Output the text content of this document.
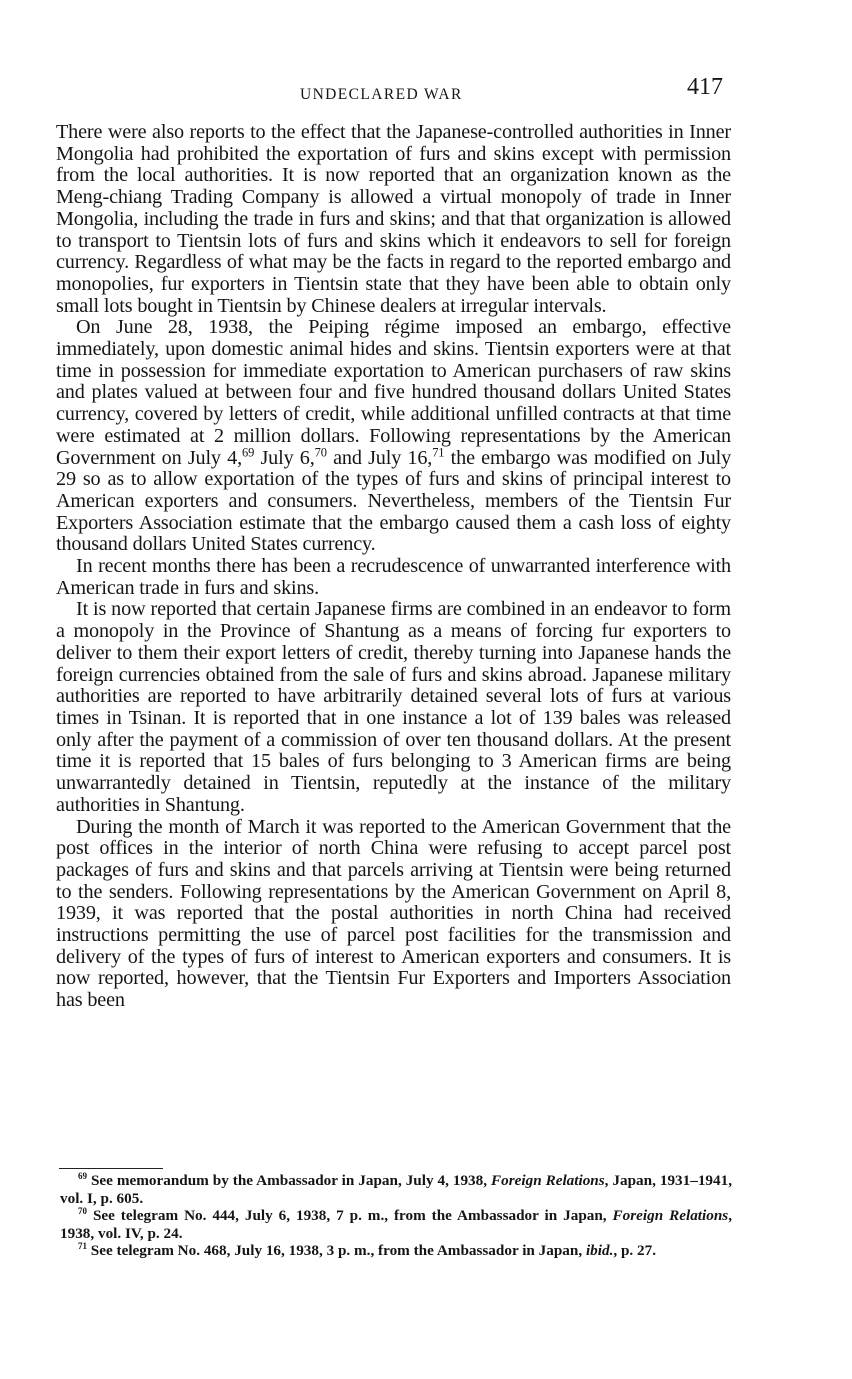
UNDECLARED WAR	417

There were also reports to the effect that the Japanese-controlled authorities in Inner Mongolia had prohibited the exportation of furs and skins except with permission from the local authorities. It is now reported that an organization known as the Meng-chiang Trading Company is allowed a virtual monopoly of trade in Inner Mongolia, including the trade in furs and skins; and that that organization is allowed to transport to Tientsin lots of furs and skins which it endeavors to sell for foreign currency. Regardless of what may be the facts in regard to the reported embargo and monopolies, fur exporters in Tientsin state that they have been able to obtain only small lots bought in Tientsin by Chinese dealers at irregular intervals.

On June 28, 1938, the Peiping régime imposed an embargo, effective immediately, upon domestic animal hides and skins. Tientsin exporters were at that time in possession for immediate exportation to American purchasers of raw skins and plates valued at between four and five hundred thousand dollars United States currency, covered by letters of credit, while additional unfilled contracts at that time were estimated at 2 million dollars. Following representations by the American Government on July 4,69 July 6,70 and July 16,71 the embargo was modified on July 29 so as to allow exportation of the types of furs and skins of principal interest to American exporters and consumers. Nevertheless, members of the Tientsin Fur Exporters Association estimate that the embargo caused them a cash loss of eighty thousand dollars United States currency.

In recent months there has been a recrudescence of unwarranted interference with American trade in furs and skins.

It is now reported that certain Japanese firms are combined in an endeavor to form a monopoly in the Province of Shantung as a means of forcing fur exporters to deliver to them their export letters of credit, thereby turning into Japanese hands the foreign currencies obtained from the sale of furs and skins abroad. Japanese military authorities are reported to have arbitrarily detained several lots of furs at various times in Tsinan. It is reported that in one instance a lot of 139 bales was released only after the payment of a commission of over ten thousand dollars. At the present time it is reported that 15 bales of furs belonging to 3 American firms are being unwarrantedly detained in Tientsin, reputedly at the instance of the military authorities in Shantung.

During the month of March it was reported to the American Government that the post offices in the interior of north China were refusing to accept parcel post packages of furs and skins and that parcels arriving at Tientsin were being returned to the senders. Following representations by the American Government on April 8, 1939, it was reported that the postal authorities in north China had received instructions permitting the use of parcel post facilities for the transmission and delivery of the types of furs of interest to American exporters and consumers. It is now reported, however, that the Tientsin Fur Exporters and Importers Association has been

$^{69}$ See memorandum by the Ambassador in Japan, July 4, 1938, Foreign Relations, Japan, 1931–1941, vol. I, p. 605.

$^{70}$ See telegram No. 444, July 6, 1938, 7 p. m., from the Ambassador in Japan, Foreign Relations, 1938, vol. IV, p. 24.

$^{71}$ See telegram No. 468, July 16, 1938, 3 p. m., from the Ambassador in Japan, ibid., p. 27.
